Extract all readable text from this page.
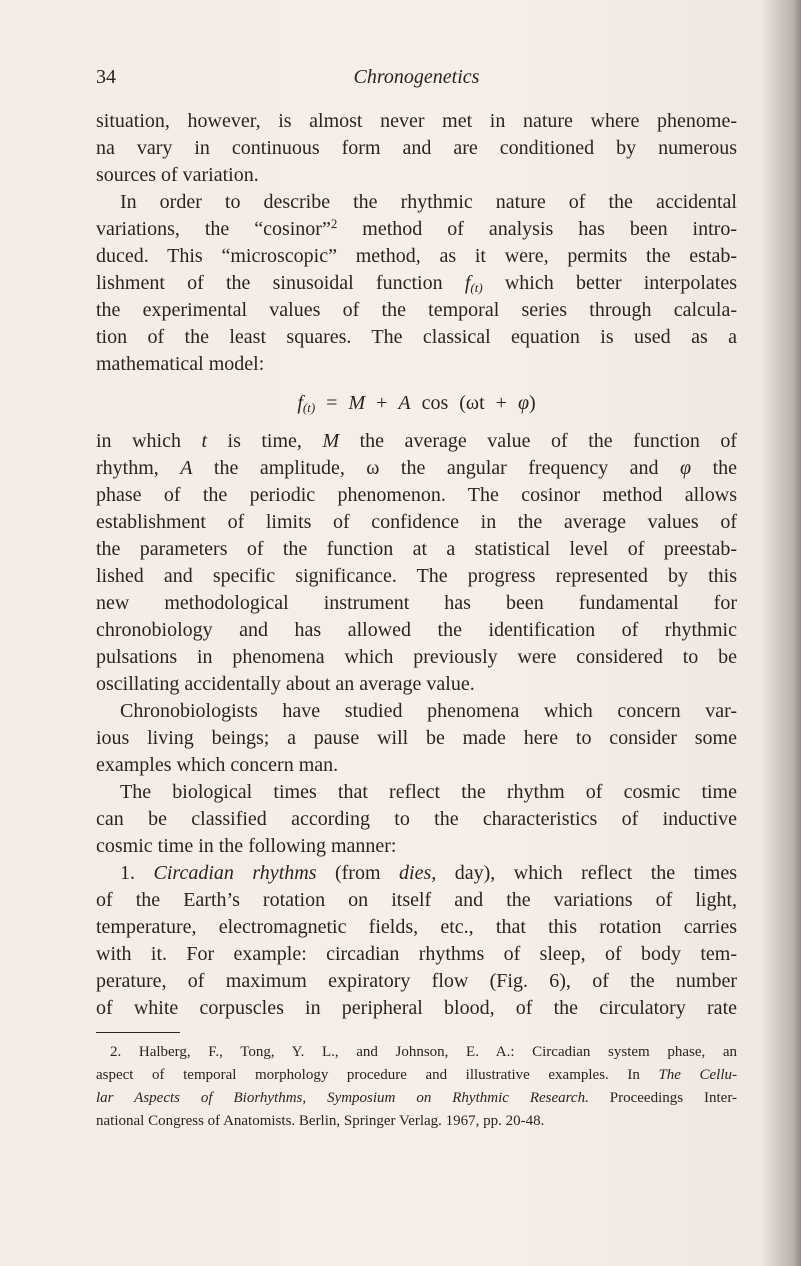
34	Chronogenetics
situation, however, is almost never met in nature where phenome-
na vary in continuous form and are conditioned by numerous
sources of variation.
In order to describe the rhythmic nature of the accidental
variations, the “cosinor”$^2$ method of analysis has been intro-
duced. This “microscopic” method, as it were, permits the estab-
lishment of the sinusoidal function $f_{(t)}$ which better interpolates
the experimental values of the temporal series through calcula-
tion of the least squares. The classical equation is used as a
mathematical model:
$f_{(t)} = M + A$ cos (ωt + φ)
in which t is time, M the average value of the function of
rhythm, A the amplitude, ω the angular frequency and φ the
phase of the periodic phenomenon. The cosinor method allows
establishment of limits of confidence in the average values of
the parameters of the function at a statistical level of preestab-
lished and specific significance. The progress represented by this
new methodological instrument has been fundamental for
chronobiology and has allowed the identification of rhythmic
pulsations in phenomena which previously were considered to be
oscillating accidentally about an average value.
Chronobiologists have studied phenomena which concern var-
ious living beings; a pause will be made here to consider some
examples which concern man.
The biological times that reflect the rhythm of cosmic time
can be classified according to the characteristics of inductive
cosmic time in the following manner:
1. Circadian rhythms (from dies, day), which reflect the times
of the Earth’s rotation on itself and the variations of light,
temperature, electromagnetic fields, etc., that this rotation carries
with it. For example: circadian rhythms of sleep, of body tem-
perature, of maximum expiratory flow (Fig. 6), of the number
of white corpuscles in peripheral blood, of the circulatory rate
2. Halberg, F., Tong, Y. L., and Johnson, E. A.: Circadian system phase, an
aspect of temporal morphology procedure and illustrative examples. In The Cellu-
lar Aspects of Biorhythms, Symposium on Rhythmic Research. Proceedings Inter-
national Congress of Anatomists. Berlin, Springer Verlag. 1967, pp. 20-48.
